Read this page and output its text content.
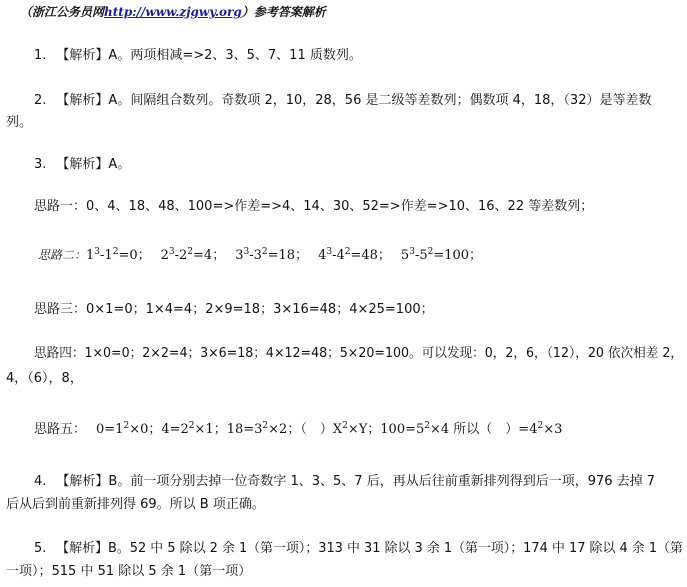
（浙江公务员网http://www.zjgwy.org）参考答案解析
1. 【解析】A。两项相减=>2、3、5、7、11 质数列。
2. 【解析】A。间隔组合数列。奇数项 2，10，28，56 是二级等差数列；偶数项 4，18，（32）是等差数
列。
3. 【解析】A。
思路一：0、4、18、48、100=>作差=>4、14、30、52=>作差=>10、16、22 等差数列；
思路二：$1^3-1^2=0$； $2^3-2^2=4$； $3^3-3^2=18$； $4^3-4^2=48$； $5^3-5^2=100$；
思路三：0×1=0；1×4=4；2×9=18；3×16=48；4×25=100；
思路四：1×0=0；2×2=4；3×6=18；4×12=48；5×20=100。可以发现：0，2，6，（12），20 依次相差 2，
4，（6），8，
思路五： $0=1^2\times 0$；$4=2^2\times 1$；$18=3^2\times 2$；（　）$X^2\times Y$；$100=5^2\times 4$ 所以（　）$=4^2\times 3$
4. 【解析】B。前一项分别去掉一位奇数字 1、3、5、7 后，再从后往前重新排列得到后一项，976 去掉 7
后从后到前重新排列得 69。所以 B 项正确。
5. 【解析】B。52 中 5 除以 2 余 1（第一项）；313 中 31 除以 3 余 1（第一项）；174 中 17 除以 4 余 1（第
一项）；515 中 51 除以 5 余 1（第一项）
